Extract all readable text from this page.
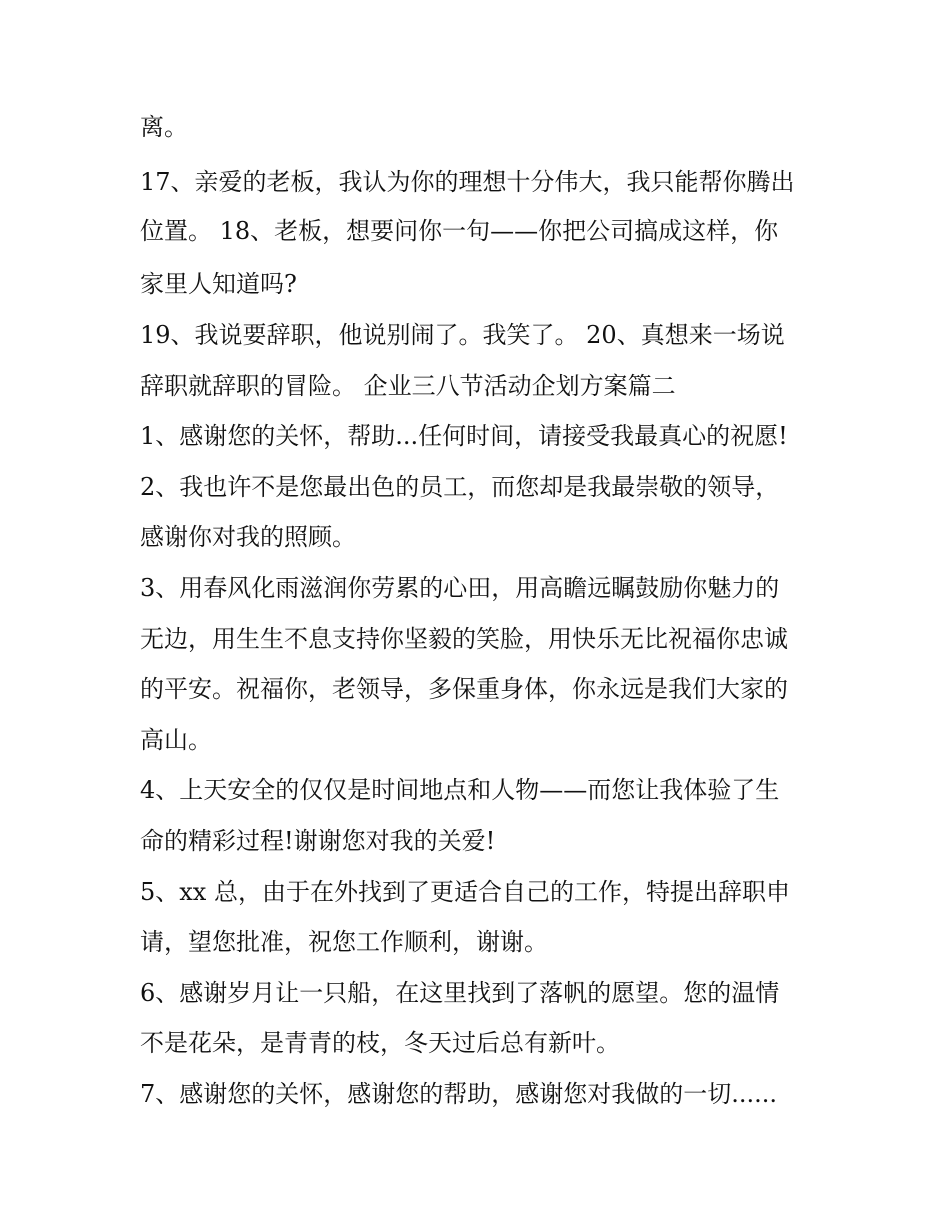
离。
17、亲爱的老板，我认为你的理想十分伟大，我只能帮你腾出
位置。 18、老板，想要问你一句——你把公司搞成这样，你
家里人知道吗?
19、我说要辞职，他说别闹了。我笑了。 20、真想来一场说
辞职就辞职的冒险。 企业三八节活动企划方案篇二
1、感谢您的关怀，帮助...任何时间，请接受我最真心的祝愿!
2、我也许不是您最出色的员工，而您却是我最崇敬的领导，
感谢你对我的照顾。
3、用春风化雨滋润你劳累的心田，用高瞻远瞩鼓励你魅力的
无边，用生生不息支持你坚毅的笑脸，用快乐无比祝福你忠诚
的平安。祝福你，老领导，多保重身体，你永远是我们大家的
高山。
4、上天安全的仅仅是时间地点和人物——而您让我体验了生
命的精彩过程!谢谢您对我的关爱!
5、xx 总，由于在外找到了更适合自己的工作，特提出辞职申
请，望您批准，祝您工作顺利，谢谢。
6、感谢岁月让一只船，在这里找到了落帆的愿望。您的温情
不是花朵，是青青的枝，冬天过后总有新叶。
7、感谢您的关怀，感谢您的帮助，感谢您对我做的一切......
